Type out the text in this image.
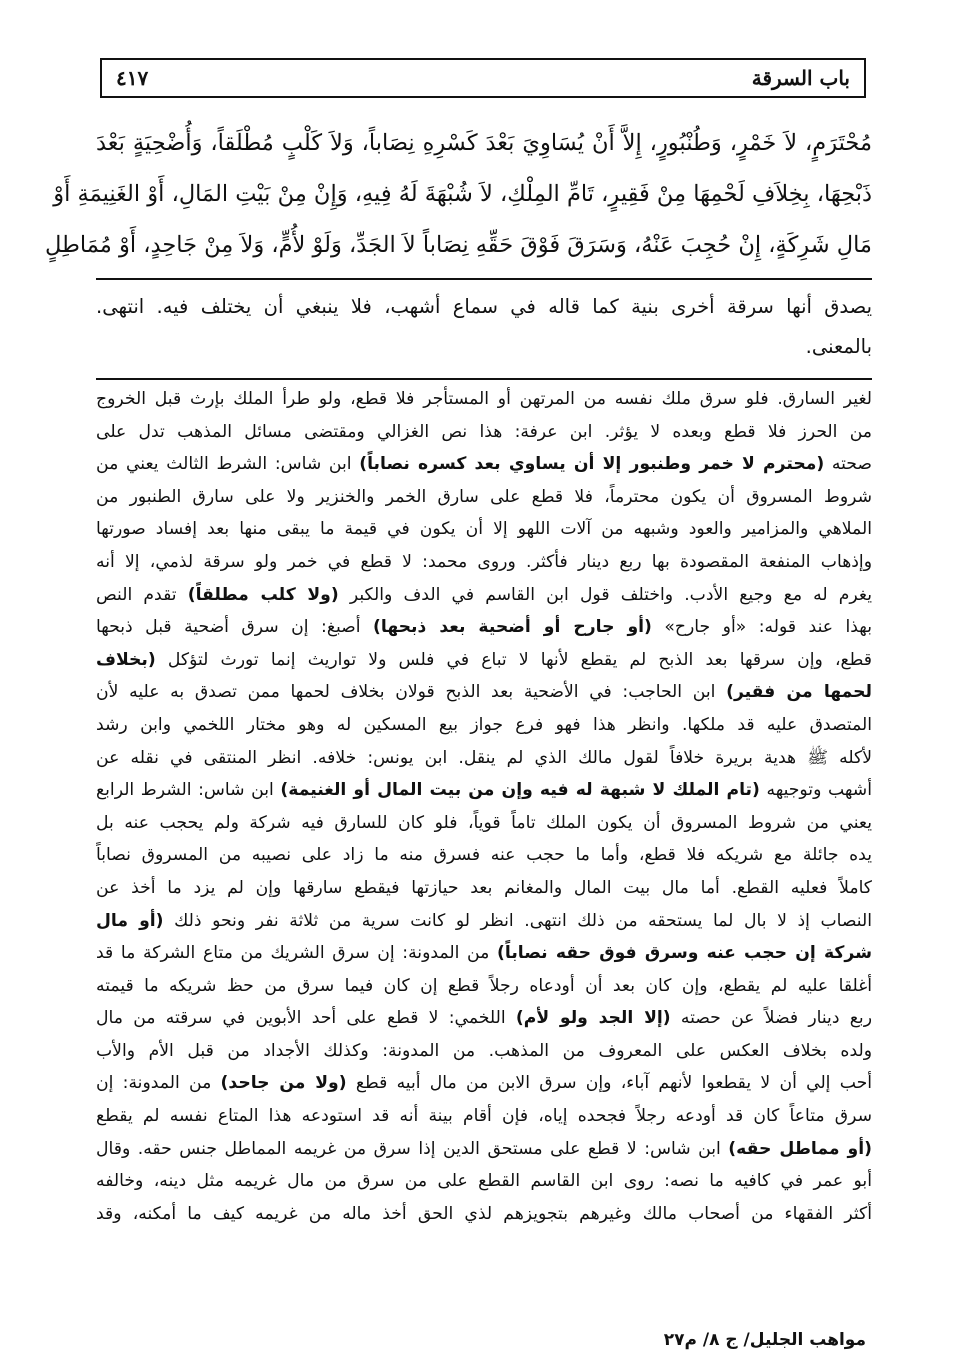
باب السرقة
٤١٧
مُحْتَرَمٍ، لاَ خَمْرٍ، وَطُنْبُورٍ، إِلاَّ أَنْ يُسَاوِيَ بَعْدَ كَسْرِهِ نِصَاباً، وَلاَ كَلْبٍ مُطْلَقاً، وَأُضْحِيَةٍ بَعْدَ
ذَبْحِهَا، بِخِلاَفِ لَحْمِهَا مِنْ فَقِيرٍ، تَامِّ المِلْكِ، لاَ شُبْهَةَ لَهُ فِيهِ، وَإِنْ مِنْ بَيْتِ المَالِ، أَوْ الغَنِيمَةِ أَوْ
مَالِ شَرِكَةٍ، إِنْ حُجِبَ عَنْهُ، وَسَرَقَ فَوْقَ حَقِّهِ نِصَاباً لاَ الجَدِّ، وَلَوْ لأُمٍّ، وَلاَ مِنْ جَاحِدٍ، أَوْ مُمَاطِلٍ
يصدق أنها سرقة أخرى بنية كما قاله في سماع أشهب، فلا ينبغي أن يختلف فيه. انتهى.
بالمعنى.
لغير السارق. فلو سرق ملك نفسه من المرتهن أو المستأجر فلا قطع، ولو طرأ الملك بإرث قبل الخروج
من الحرز فلا قطع وبعده لا يؤثر. ابن عرفة: هذا نص الغزالي ومقتضى مسائل المذهب تدل على
صحته (محترم لا خمر وطنبور إلا أن يساوي بعد كسره نصاباً) ابن شاس: الشرط الثالث يعني من
شروط المسروق أن يكون محترماً، فلا قطع على سارق الخمر والخنزير ولا على سارق الطنبور من
الملاهي والمزامير والعود وشبهه من آلات اللهو إلا أن يكون في قيمة ما يبقى منها بعد إفساد صورتها
وإذهاب المنفعة المقصودة بها ربع دينار فأكثر. وروى محمد: لا قطع في خمر ولو سرقة لذمي، إلا أنه
يغرم له مع وجيع الأدب. واختلف قول ابن القاسم في الدف والكبر (ولا كلب مطلقاً) تقدم النص
بهذا عند قوله: «أو جارح» (أو جارح أو أضحية بعد ذبحها) أصبغ: إن سرق أضحية قبل ذبحها
قطع، وإن سرقها بعد الذبح لم يقطع لأنها لا تباع في فلس ولا تواريث إنما تورث لتؤكل (بخلاف
لحمها من فقير) ابن الحاجب: في الأضحية بعد الذبح قولان بخلاف لحمها ممن تصدق به عليه لأن
المتصدق عليه قد ملكها. وانظر هذا فهو فرع جواز بيع المسكين له وهو مختار اللخمي وابن رشد
لأكله ﷺ هدية بريرة خلافاً لقول مالك الذي لم ينقل. ابن يونس: خلافه. انظر المنتقى في نقله عن
أشهب وتوجيهه (تام الملك لا شبهة له فيه وإن من بيت المال أو الغنيمة) ابن شاس: الشرط الرابع
يعني من شروط المسروق أن يكون الملك تاماً قوياً، فلو كان للسارق فيه شركة ولم يحجب عنه بل
يده جائلة مع شريكه فلا قطع، وأما ما حجب عنه فسرق منه ما زاد على نصيبه من المسروق نصاباً
كاملاً فعليه القطع. أما مال بيت المال والمغانم بعد حيازتها فيقطع سارقها وإن لم يزد ما أخذ عن
النصاب إذ لا بال لما يستحقه من ذلك انتهى. انظر لو كانت سرية من ثلاثة نفر ونحو ذلك (أو مال
شركة إن حجب عنه وسرق فوق حقه نصاباً) من المدونة: إن سرق الشريك من متاع الشركة ما قد
أغلقا عليه لم يقطع، وإن كان بعد أن أودعاه رجلاً قطع إن كان فيما سرق من حظ شريكه ما قيمته
ربع دينار فضلاً عن حصته (إلا الجد ولو لأم) اللخمي: لا قطع على أحد الأبوين في سرقته من مال
ولده بخلاف العكس على المعروف من المذهب. من المدونة: وكذلك الأجداد من قبل الأم والأب
أحب إلي أن لا يقطعوا لأنهم آباء، وإن سرق الابن من مال أبيه قطع (ولا من جاحد) من المدونة: إن
سرق متاعاً كان قد أودعه رجلاً فجحده إياه، فإن أقام بينة أنه قد استودعه هذا المتاع نفسه لم يقطع
(أو مماطل حقه) ابن شاس: لا قطع على مستحق الدين إذا سرق من غريمه المماطل جنس حقه. وقال
أبو عمر في كافيه ما نصه: روى ابن القاسم القطع على من سرق من مال غريمه مثل دينه، وخالفه
أكثر الفقهاء من أصحاب مالك وغيرهم بتجويزهم لذي الحق أخذ ماله من غريمه كيف ما أمكنه، وقد
مواهب الجليل/ ج ٨/ م٢٧
